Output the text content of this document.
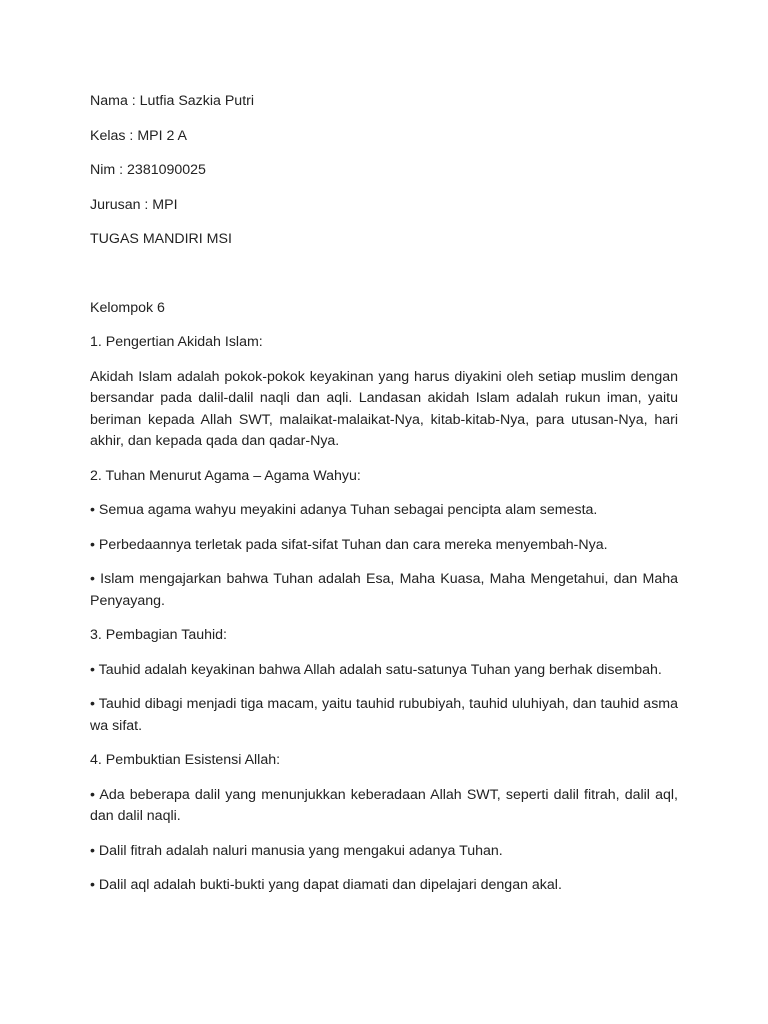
Nama : Lutfia Sazkia Putri
Kelas : MPI 2 A
Nim : 2381090025
Jurusan : MPI
TUGAS MANDIRI MSI
Kelompok 6
1. Pengertian Akidah Islam:
Akidah Islam adalah pokok-pokok keyakinan yang harus diyakini oleh setiap muslim dengan bersandar pada dalil-dalil naqli dan aqli. Landasan akidah Islam adalah rukun iman, yaitu beriman kepada Allah SWT, malaikat-malaikat-Nya, kitab-kitab-Nya, para utusan-Nya, hari akhir, dan kepada qada dan qadar-Nya.
2. Tuhan Menurut Agama – Agama Wahyu:
• Semua agama wahyu meyakini adanya Tuhan sebagai pencipta alam semesta.
• Perbedaannya terletak pada sifat-sifat Tuhan dan cara mereka menyembah-Nya.
• Islam mengajarkan bahwa Tuhan adalah Esa, Maha Kuasa, Maha Mengetahui, dan Maha Penyayang.
3. Pembagian Tauhid:
• Tauhid adalah keyakinan bahwa Allah adalah satu-satunya Tuhan yang berhak disembah.
• Tauhid dibagi menjadi tiga macam, yaitu tauhid rububiyah, tauhid uluhiyah, dan tauhid asma wa sifat.
4. Pembuktian Esistensi Allah:
• Ada beberapa dalil yang menunjukkan keberadaan Allah SWT, seperti dalil fitrah, dalil aql, dan dalil naqli.
• Dalil fitrah adalah naluri manusia yang mengakui adanya Tuhan.
• Dalil aql adalah bukti-bukti yang dapat diamati dan dipelajari dengan akal.
